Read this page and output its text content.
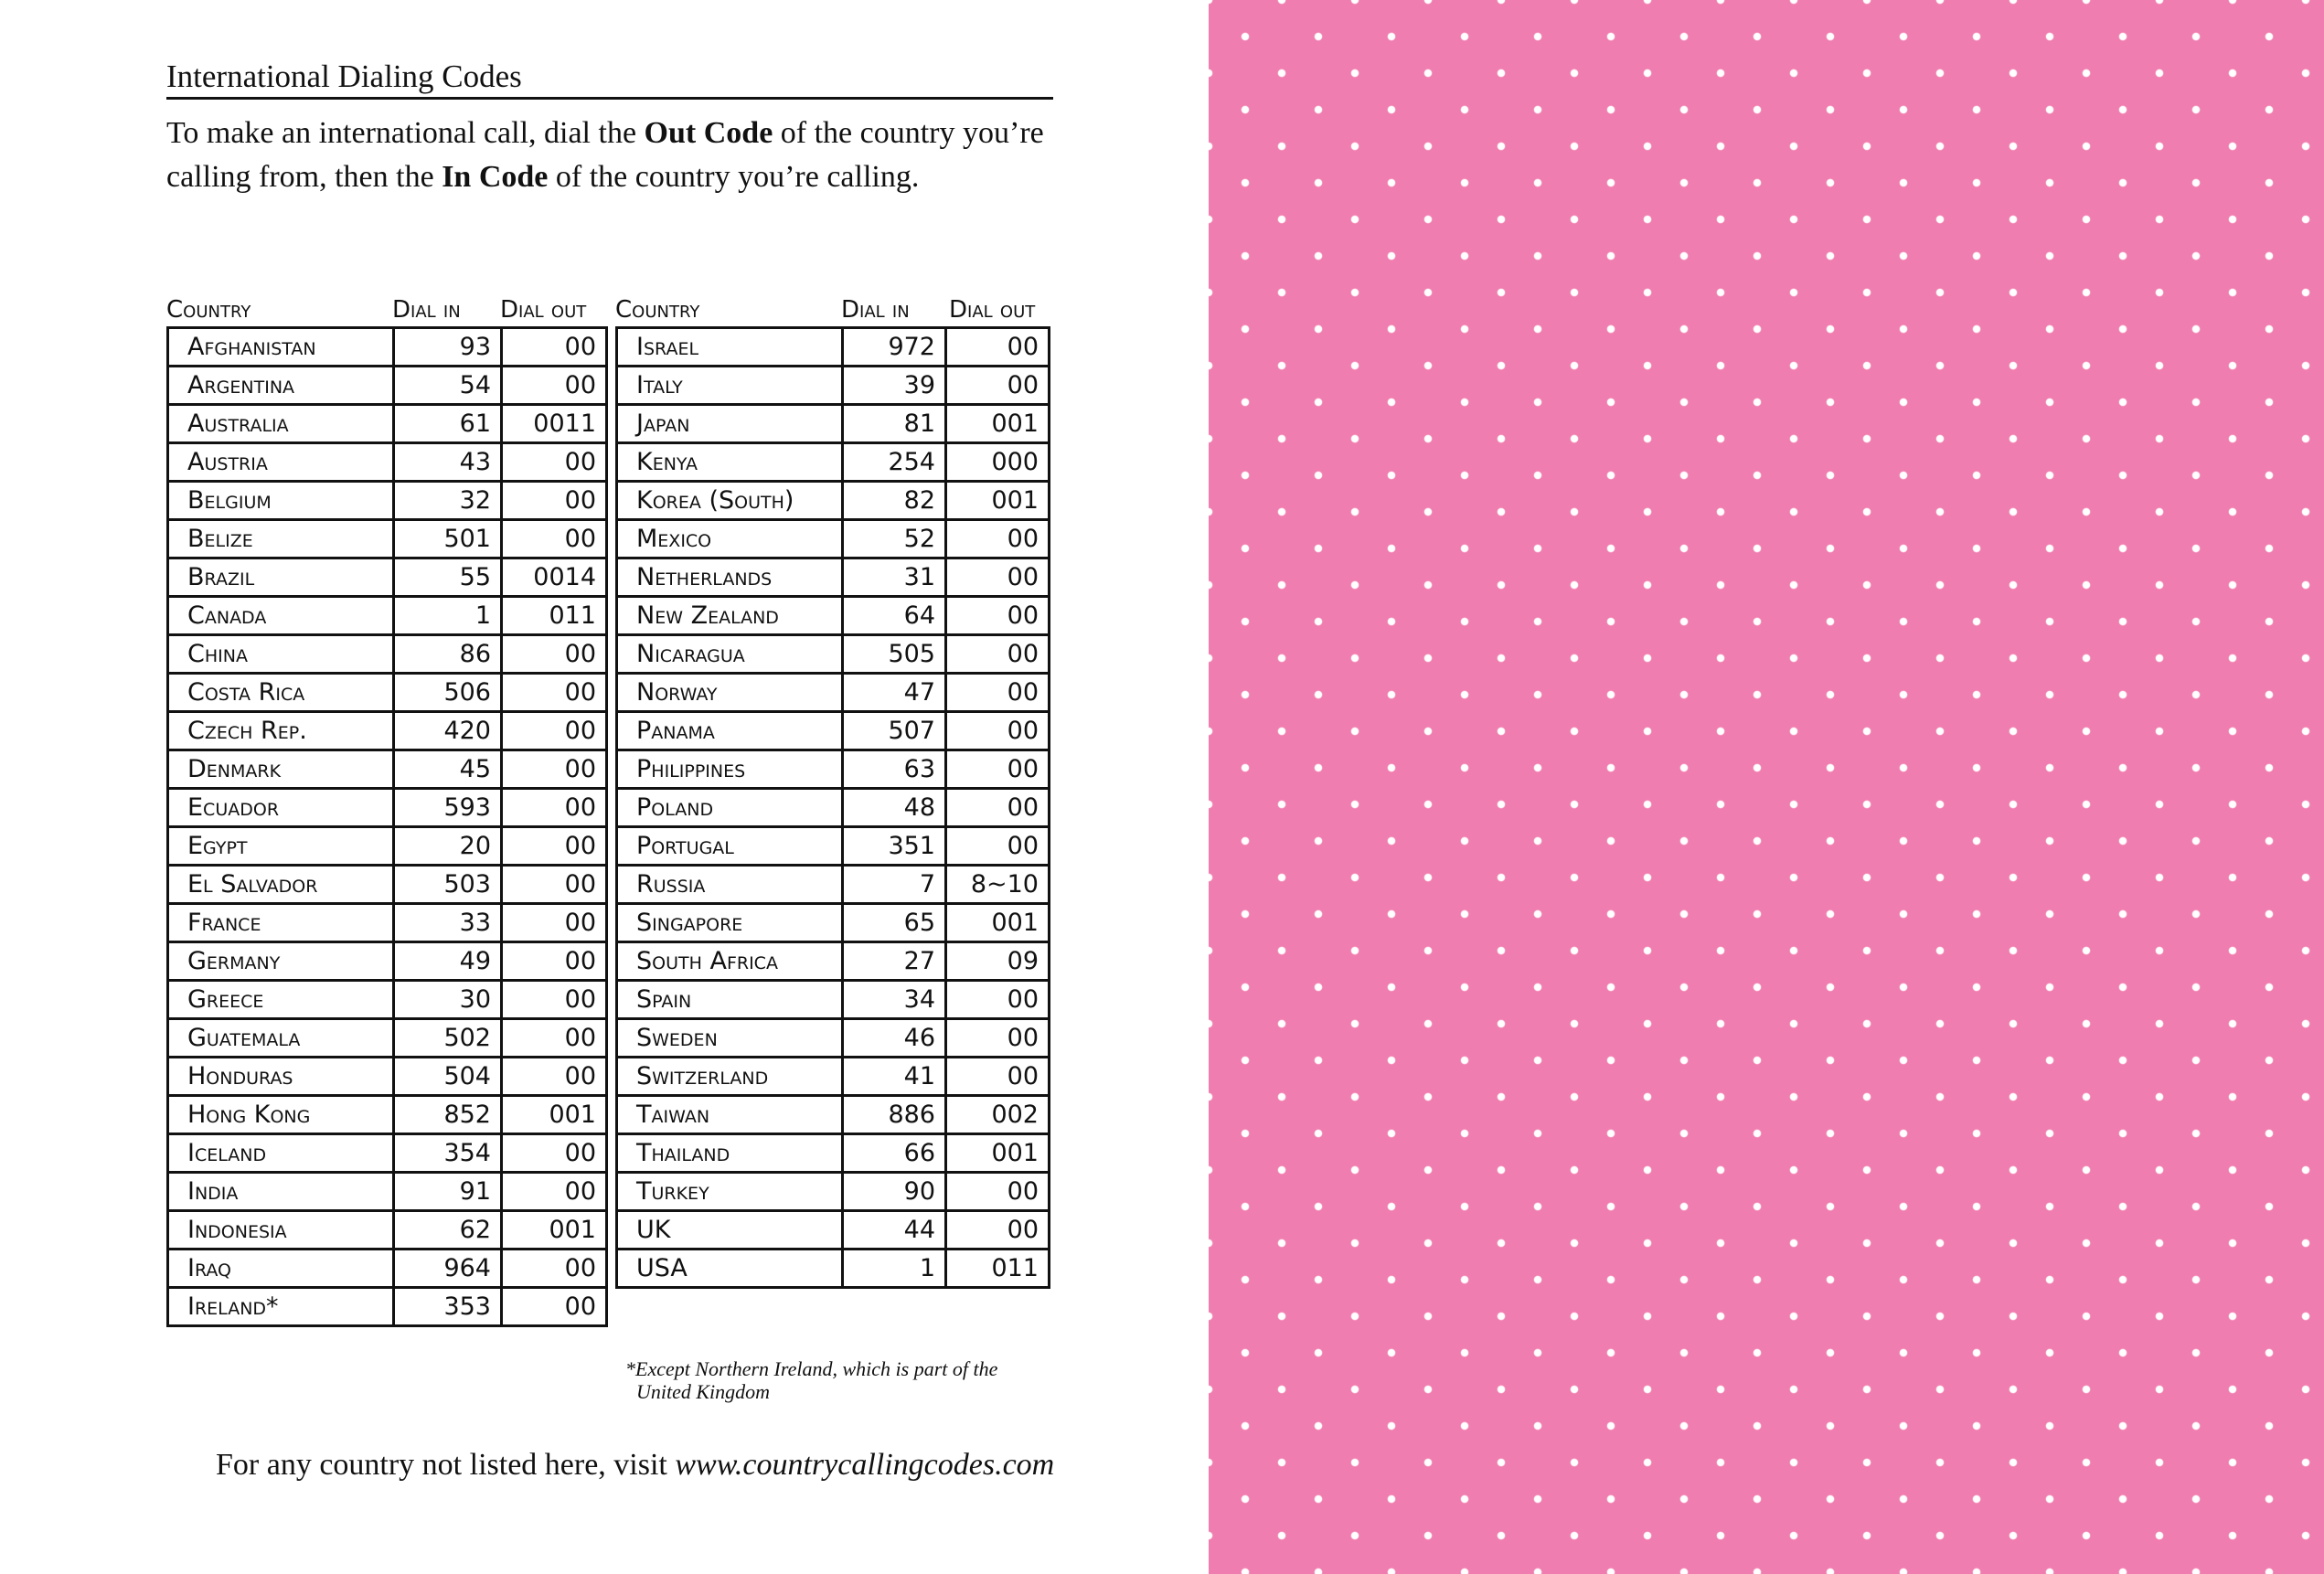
International Dialing Codes
To make an international call, dial the Out Code of the country you’re calling from, then the In Code of the country you’re calling.
Country	Dial in	Dial out
Afghanistan	93	00
Argentina	54	00
Australia	61	0011
Austria	43	00
Belgium	32	00
Belize	501	00
Brazil	55	0014
Canada	1	011
China	86	00
Costa Rica	506	00
Czech Rep.	420	00
Denmark	45	00
Ecuador	593	00
Egypt	20	00
El Salvador	503	00
France	33	00
Germany	49	00
Greece	30	00
Guatemala	502	00
Honduras	504	00
Hong Kong	852	001
Iceland	354	00
India	91	00
Indonesia	62	001
Iraq	964	00
Ireland*	353	00
Country	Dial in	Dial out
Israel	972	00
Italy	39	00
Japan	81	001
Kenya	254	000
Korea (South)	82	001
Mexico	52	00
Netherlands	31	00
New Zealand	64	00
Nicaragua	505	00
Norway	47	00
Panama	507	00
Philippines	63	00
Poland	48	00
Portugal	351	00
Russia	7	8~10
Singapore	65	001
South Africa	27	09
Spain	34	00
Sweden	46	00
Switzerland	41	00
Taiwan	886	002
Thailand	66	001
Turkey	90	00
UK	44	00
USA	1	011
*Except Northern Ireland, which is part of the
United Kingdom
For any country not listed here, visit www.countrycallingcodes.com
